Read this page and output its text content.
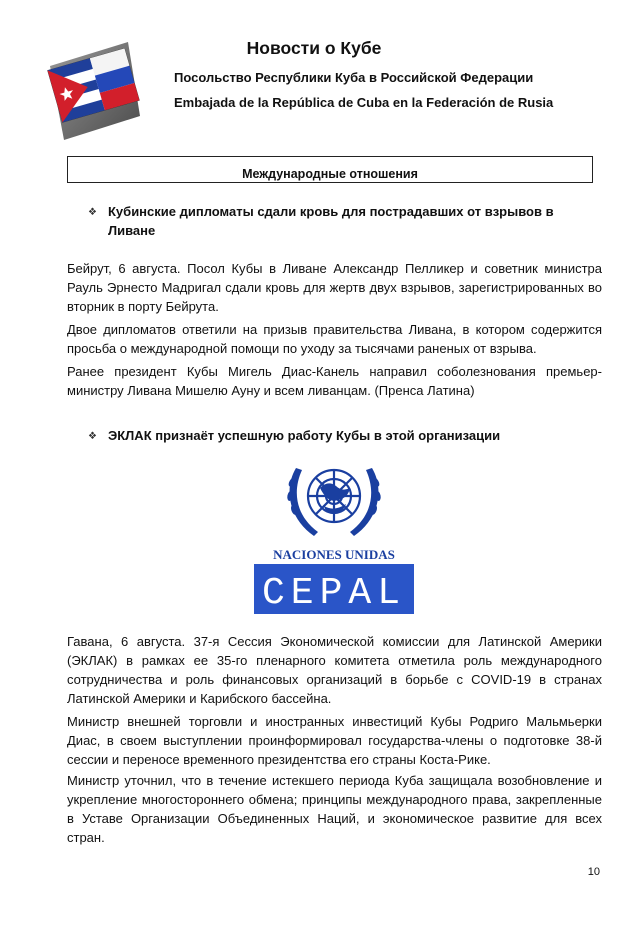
Новости о Кубе
Посольство Республики Куба в Российской Федерации
Embajada de la República de Cuba en la Federación de Rusia
Международные отношения
❖ Кубинские дипломаты сдали кровь для пострадавших от взрывов в Ливане

Бейрут, 6 августа. Посол Кубы в Ливане Александр Пелликер и советник министра Рауль Эрнесто Мадригал сдали кровь для жертв двух взрывов, зарегистрированных во вторник в порту Бейрута.

Двое дипломатов ответили на призыв правительства Ливана, в котором содержится просьба о международной помощи по уходу за тысячами раненых от взрыва.

Ранее президент Кубы Мигель Диас-Канель направил соболезнования премьер-министру Ливана Мишелю Ауну и всем ливанцам. (Пренса Латина)

❖ ЭКЛАК признаёт успешную работу Кубы в этой организации
NACIONES UNIDAS
CEPAL

Гавана, 6 августа. 37-я Сессия Экономической комиссии для Латинской Америки (ЭКЛАК) в рамках ее 35-го пленарного комитета отметила роль международного сотрудничества и роль финансовых организаций в борьбе с COVID-19 в странах Латинской Америки и Карибского бассейна.

Министр внешней торговли и иностранных инвестиций Кубы Родриго Мальмьерки Диас, в своем выступлении проинформировал государства-члены о подготовке 38-й сессии и переносе временного президентства его страны Коста-Рике.

Министр уточнил, что в течение истекшего периода Куба защищала возобновление и укрепление многостороннего обмена; принципы международного права, закрепленные в Уставе Организации Объединенных Наций, и экономическое развитие для всех стран.

10
